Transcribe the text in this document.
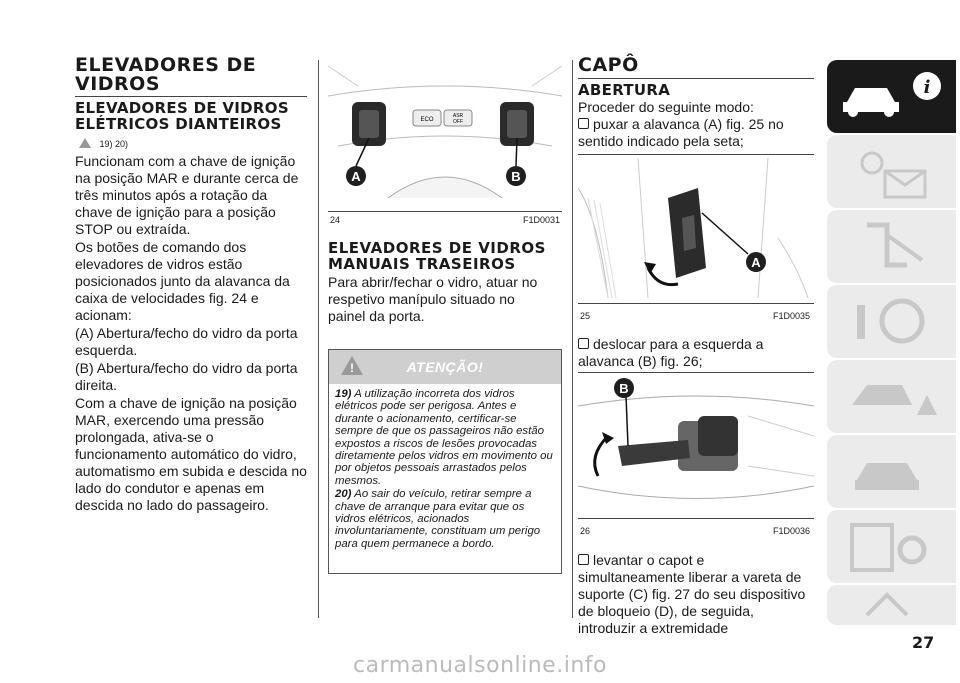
ELEVADORES DE VIDROS
ELEVADORES DE VIDROS ELÉTRICOS DIANTEIROS
19) 20)

Funcionam com a chave de ignição na posição MAR e durante cerca de três minutos após a rotação da chave de ignição para a posição STOP ou extraída.

Os botões de comando dos elevadores de vidros estão posicionados junto da alavanca da caixa de velocidades fig. 24 e acionam:

(A) Abertura/fecho do vidro da porta esquerda.

(B) Abertura/fecho do vidro da porta direita.

Com a chave de ignição na posição MAR, exercendo uma pressão prolongada, ativa-se o funcionamento automático do vidro, automatismo em subida e descida no lado do condutor e apenas em descida no lado do passageiro.

ECO
ASR
OFF
A	B
24	F1D0031
ELEVADORES DE VIDROS MANUAIS TRASEIROS

Para abrir/fechar o vidro, atuar no respetivo manípulo situado no painel da porta.

!	ATENÇÃO!
19) A utilização incorreta dos vidros elétricos pode ser perigosa. Antes e durante o acionamento, certificar-se sempre de que os passageiros não estão expostos a riscos de lesões provocadas diretamente pelos vidros em movimento ou por objetos pessoais arrastados pelos mesmos.
20) Ao sair do veículo, retirar sempre a chave de arranque para evitar que os vidros elétricos, acionados involuntariamente, constituam um perigo para quem permanece a bordo.
CAPÔ
ABERTURA

Proceder do seguinte modo:

puxar a alavanca (A) fig. 25 no sentido indicado pela seta;

A
25	F1D0035

deslocar para a esquerda a alavanca (B) fig. 26;

B
26	F1D0036

levantar o capot e simultaneamente liberar a vareta de suporte (C) fig. 27 do seu dispositivo de bloqueio (D), de seguida, introduzir a extremidade

i
27
carmanualsonline.info
